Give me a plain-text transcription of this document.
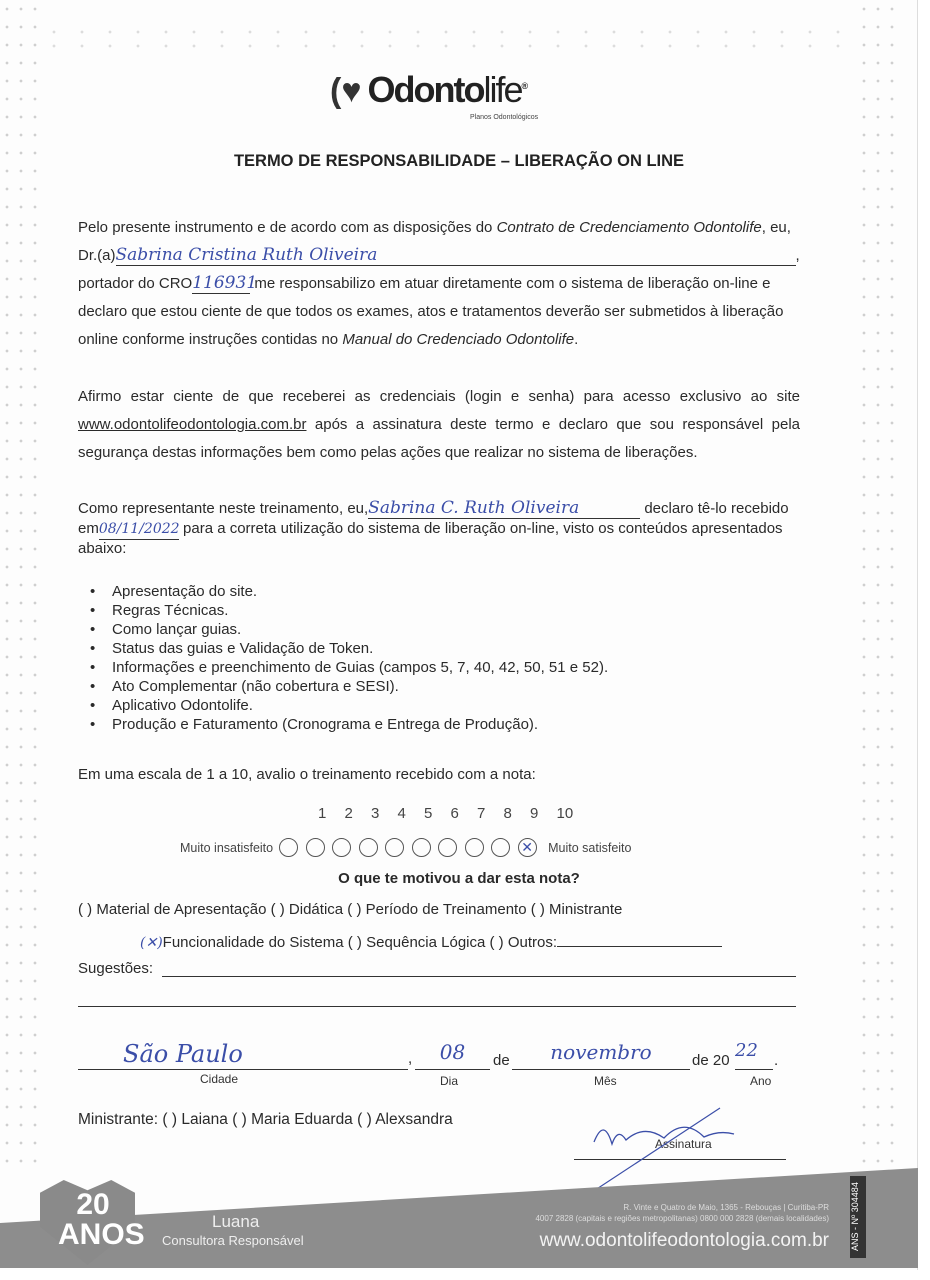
(♥ Odontolife®
Planos Odontológicos
TERMO DE RESPONSABILIDADE – LIBERAÇÃO ON LINE
Pelo presente instrumento e de acordo com as disposições do Contrato de Credenciamento Odontolife, eu,
Dr.(a)Sabrina Cristina Ruth Oliveira	,
portador do CRO116931 me responsabilizo em atuar diretamente com o sistema de liberação on-line e declaro que estou ciente de que todos os exames, atos e tratamentos deverão ser submetidos à liberação online conforme instruções contidas no Manual do Credenciado Odontolife.
Afirmo estar ciente de que receberei as credenciais (login e senha) para acesso exclusivo ao site www.odontolifeodontologia.com.br após a assinatura deste termo e declaro que sou responsável pela segurança destas informações bem como pelas ações que realizar no sistema de liberações.
Como representante neste treinamento, eu,Sabrina C. Ruth Oliveira	declaro tê-lo recebido
em08/11/2022 para a correta utilização do sistema de liberação on-line, visto os conteúdos apresentados abaixo:
• Apresentação do site.
• Regras Técnicas.
• Como lançar guias.
• Status das guias e Validação de Token.
• Informações e preenchimento de Guias (campos 5, 7, 40, 42, 50, 51 e 52).
• Ato Complementar (não cobertura e SESI).
• Aplicativo Odontolife.
• Produção e Faturamento (Cronograma e Entrega de Produção).
Em uma escala de 1 a 10, avalio o treinamento recebido com a nota:
1	2	3	4	5	6	7	8	9	10
Muito insatisfeito	✕ Muito satisfeito
O que te motivou a dar esta nota?
( ) Material de Apresentação ( ) Didática ( ) Período de Treinamento ( ) Ministrante
(✕)Funcionalidade do Sistema ( ) Sequência Lógica ( ) Outros:
Sugestões:
São Paulo	,	08	de	novembro	de 20 22	.
Cidade	Dia	Mês	Ano
Ministrante: ( ) Laiana ( ) Maria Eduarda ( ) Alexsandra
Assinatura
20 ANOS	Luana
Consultora Responsável
R. Vinte e Quatro de Maio, 1365 - Rebouças | Curitiba-PR
4007 2828 (capitais e regiões metropolitanas) 0800 000 2828 (demais localidades)
www.odontolifeodontologia.com.br ANS - Nº 304484
